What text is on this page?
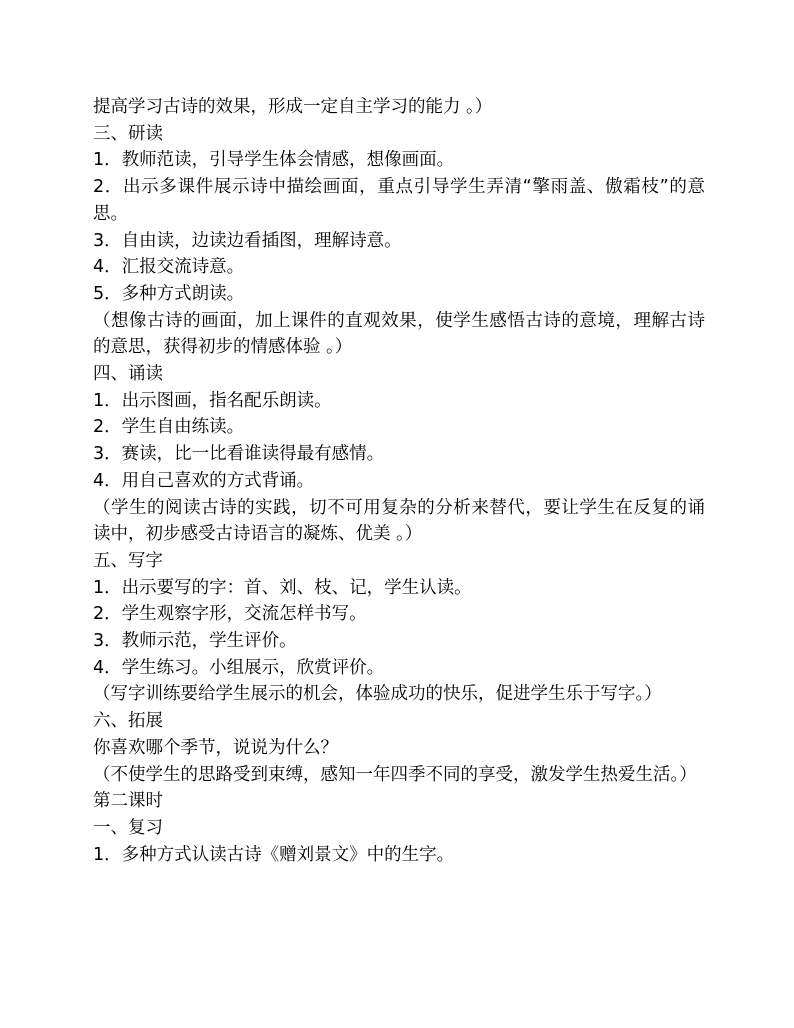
提高学习古诗的效果，形成一定自主学习的能力 。）
三、研读
1．教师范读，引导学生体会情感，想像画面。
2．出示多课件展示诗中描绘画面，重点引导学生弄清“擎雨盖、傲霜枝”的意思。
3．自由读，边读边看插图，理解诗意。
4．汇报交流诗意。
5．多种方式朗读。
（想像古诗的画面，加上课件的直观效果，使学生感悟古诗的意境，理解古诗的意思，获得初步的情感体验 。）
四、诵读
1．出示图画，指名配乐朗读。
2．学生自由练读。
3．赛读，比一比看谁读得最有感情。
4．用自己喜欢的方式背诵。
（学生的阅读古诗的实践，切不可用复杂的分析来替代，要让学生在反复的诵读中，初步感受古诗语言的凝炼、优美 。）
五、写字
1．出示要写的字：首、刘、枝、记，学生认读。
2．学生观察字形，交流怎样书写。
3．教师示范，学生评价。
4．学生练习。小组展示，欣赏评价。
（写字训练要给学生展示的机会，体验成功的快乐，促进学生乐于写字。）
六、拓展
你喜欢哪个季节，说说为什么？
（不使学生的思路受到束缚，感知一年四季不同的享受，激发学生热爱生活。）
第二课时
一、复习
1．多种方式认读古诗《赠刘景文》中的生字。
